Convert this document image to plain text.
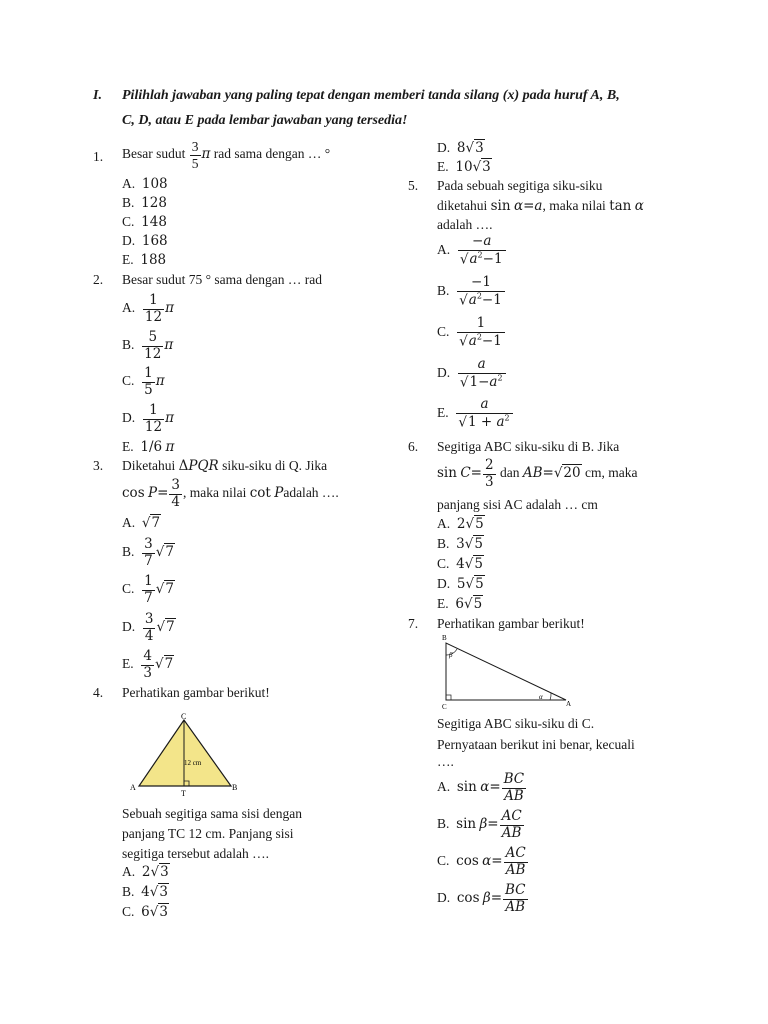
I. Pilihlah jawaban yang paling tepat dengan memberi tanda silang (x) pada huruf A, B,
C, D, atau E pada lembar jawaban yang tersedia!
1. Besar sudut $\frac{3}{5}$ π rad sama dengan … °
A. 108
B. 128
C. 148
D. 168
E. 188
2. Besar sudut 75 ° sama dengan … rad
A. $\frac{1}{12}$ π
B. $\frac{5}{12}$ π
C. $\frac{1}{5}$ π
D. $\frac{1}{12}$ π
E. 1/6 π
3. Diketahui ΔPQR siku-siku di Q. Jika
$\cos P= \frac{3}{4}$ , maka nilai cot Padalah ….
A. √7
B. $\frac{3}{7} √7$
C. $\frac{1}{7} √7$
D. $\frac{3}{4} √7$
E. $\frac{4}{3} √7$
4. Perhatikan gambar berikut!
C
A
T
B
12 cm
Sebuah segitiga sama sisi dengan
panjang TC 12 cm. Panjang sisi
segitiga tersebut adalah ….
A. 2√3
B. 4√3
C. 6√3
D. 8√3
E. 10√3
5. Pada sebuah segitiga siku-siku
diketahui sin α=a, maka nilai tan α
adalah ….
A. $\frac{-a}{√a^2-1}$
B. $\frac{-1}{√a^2-1}$
C. $\frac{1}{√a^2-1}$
D. $\frac{a}{√1-a^2}$
E. $\frac{a}{√1 + a^2}$
6. Segitiga ABC siku-siku di B. Jika
$\sin C= \frac{2}{3}$ dan AB=√20 cm, maka
panjang sisi AC adalah … cm
A. 2√5
B. 3√5
C. 4√5
D. 5√5
E. 6√5
7. Perhatikan gambar berikut!
B
C	A
β
α
Segitiga ABC siku-siku di C.
Pernyataan berikut ini benar, kecuali
….
A. $\sin \alpha= \frac{BC}{AB}$
B. $\sin \beta= \frac{AC}{AB}$
C. $\cos \alpha= \frac{AC}{AB}$
D. $\cos \beta= \frac{BC}{AB}$
